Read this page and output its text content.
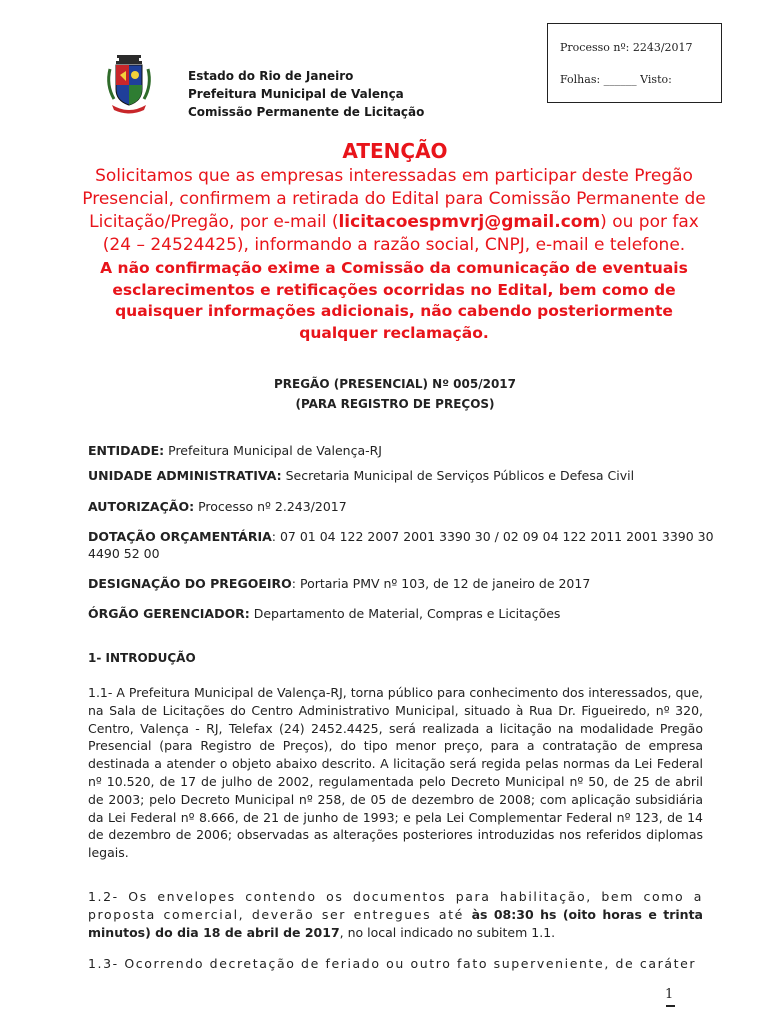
Estado do Rio de Janeiro
Prefeitura Municipal de Valença
Comissão Permanente de Licitação
Processo nº: 2243/2017
Folhas: ______ Visto:
ATENÇÃO
Solicitamos que as empresas interessadas em participar deste Pregão Presencial, confirmem a retirada do Edital para Comissão Permanente de Licitação/Pregão, por e-mail (licitacoespmvrj@gmail.com) ou por fax (24 – 24524425), informando a razão social, CNPJ, e-mail e telefone.
A não confirmação exime a Comissão da comunicação de eventuais esclarecimentos e retificações ocorridas no Edital, bem como de quaisquer informações adicionais, não cabendo posteriormente qualquer reclamação.
PREGÃO (PRESENCIAL) Nº 005/2017
(PARA REGISTRO DE PREÇOS)
ENTIDADE: Prefeitura Municipal de Valença-RJ
UNIDADE ADMINISTRATIVA: Secretaria Municipal de Serviços Públicos e Defesa Civil
AUTORIZAÇÃO: Processo nº 2.243/2017
DOTAÇÃO ORÇAMENTÁRIA: 07 01 04 122 2007 2001 3390 30 / 02 09 04 122 2011 2001 3390 30
4490 52 00
DESIGNAÇÃO DO PREGOEIRO: Portaria PMV nº 103, de 12 de janeiro de 2017
ÓRGÃO GERENCIADOR: Departamento de Material, Compras e Licitações
1- INTRODUÇÃO
1.1- A Prefeitura Municipal de Valença-RJ, torna público para conhecimento dos interessados, que, na Sala de Licitações do Centro Administrativo Municipal, situado à Rua Dr. Figueiredo, nº 320, Centro, Valença - RJ, Telefax (24) 2452.4425, será realizada a licitação na modalidade Pregão Presencial (para Registro de Preços), do tipo menor preço, para a contratação de empresa destinada a atender o objeto abaixo descrito. A licitação será regida pelas normas da Lei Federal nº 10.520, de 17 de julho de 2002, regulamentada pelo Decreto Municipal nº 50, de 25 de abril de 2003; pelo Decreto Municipal nº 258, de 05 de dezembro de 2008; com aplicação subsidiária da Lei Federal nº 8.666, de 21 de junho de 1993; e pela Lei Complementar Federal nº 123, de 14 de dezembro de 2006; observadas as alterações posteriores introduzidas nos referidos diplomas legais.
1.2- Os envelopes contendo os documentos para habilitação, bem como a proposta comercial, deverão ser entregues até às 08:30 hs (oito horas e trinta minutos) do dia 18 de abril de 2017, no local indicado no subitem 1.1.
1.3- Ocorrendo decretação de feriado ou outro fato superveniente, de caráter
1
